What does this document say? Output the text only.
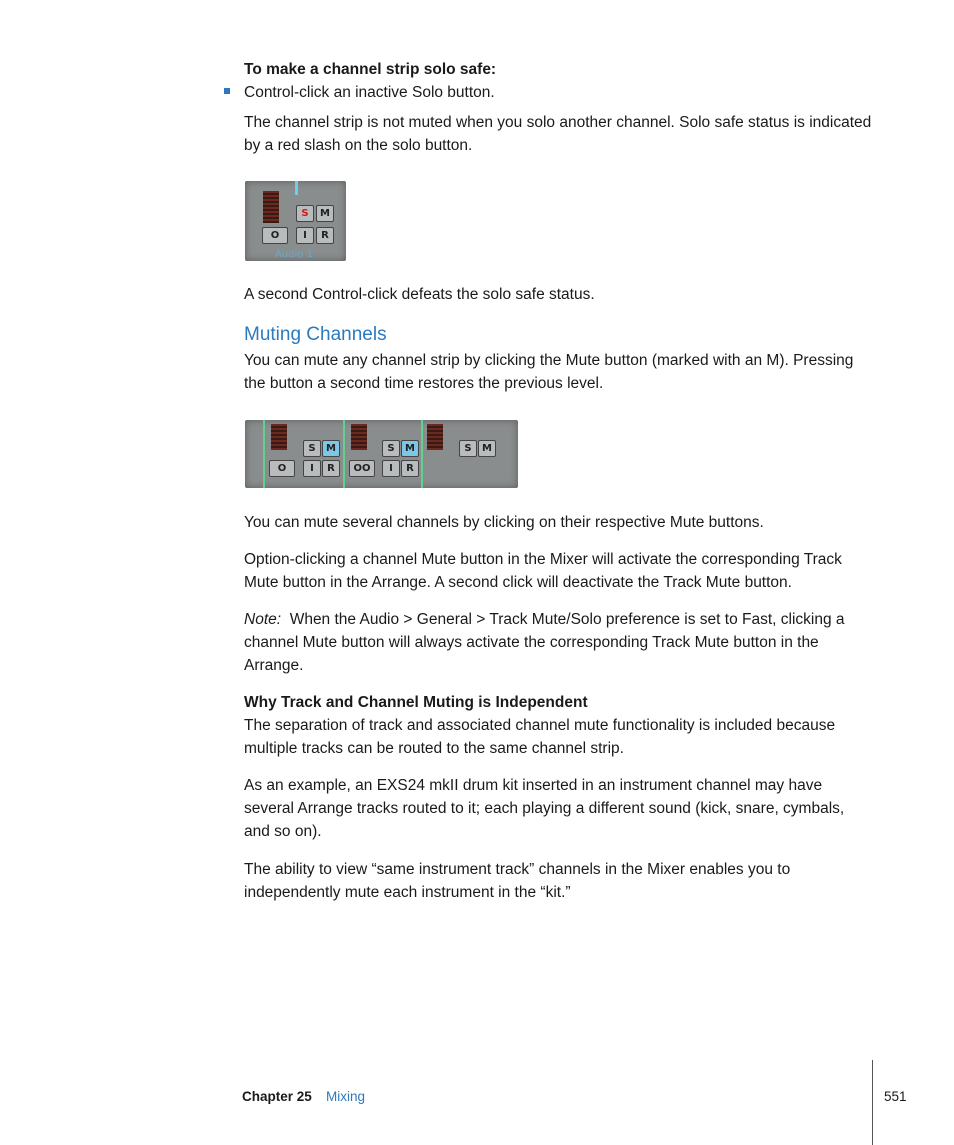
To make a channel strip solo safe:

Control-click an inactive Solo button.

The channel strip is not muted when you solo another channel. Solo safe status is indicated by a red slash on the solo button.

S	M
O	I	R
Audio 1

A second Control-click defeats the solo safe status.

Muting Channels

You can mute any channel strip by clicking the Mute button (marked with an M). Pressing the button a second time restores the previous level.

S	M
O	I	R
S	M
OO	I	R
S	M

You can mute several channels by clicking on their respective Mute buttons.

Option-clicking a channel Mute button in the Mixer will activate the corresponding Track Mute button in the Arrange. A second click will deactivate the Track Mute button.

Note: When the Audio > General > Track Mute/Solo preference is set to Fast, clicking a channel Mute button will always activate the corresponding Track Mute button in the Arrange.

Why Track and Channel Muting is Independent

The separation of track and associated channel mute functionality is included because multiple tracks can be routed to the same channel strip.

As an example, an EXS24 mkII drum kit inserted in an instrument channel may have several Arrange tracks routed to it; each playing a different sound (kick, snare, cymbals, and so on).

The ability to view “same instrument track” channels in the Mixer enables you to independently mute each instrument in the “kit.”

Chapter 25 Mixing	551
